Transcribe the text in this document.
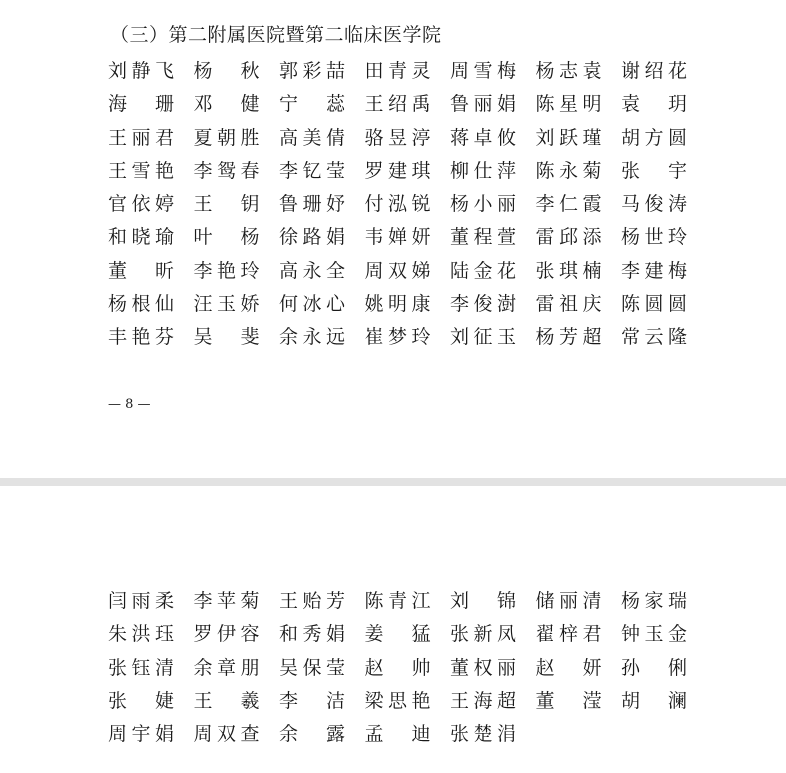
（三）第二附属医院暨第二临床医学院
刘静飞 杨　秋 郭彩喆 田青灵 周雪梅 杨志袁 谢绍花
海　珊 邓　健 宁　蕊 王绍禹 鲁丽娟 陈星明 袁　玥
王丽君 夏朝胜 高美倩 骆昱渟 蒋卓攸 刘跃瑾 胡方圆
王雪艳 李鸳春 李钇莹 罗建琪 柳仕萍 陈永菊 张　宇
官依婷 王　钥 鲁珊妤 付泓锐 杨小丽 李仁霞 马俊涛
和晓瑜 叶　杨 徐路娟 韦婵妍 董程萱 雷邱添 杨世玲
董　昕 李艳玲 高永全 周双娣 陆金花 张琪楠 李建梅
杨根仙 汪玉娇 何冰心 姚明康 李俊澍 雷祖庆 陈圆圆
丰艳芬 吴　斐 余永远 崔梦玲 刘征玉 杨芳超 常云隆
— 8 —
闫雨柔 李苹菊 王贻芳 陈青江 刘　锦 储丽清 杨家瑞
朱洪珏 罗伊容 和秀娟 姜　猛 张新凤 翟梓君 钟玉金
张钰清 余章朋 吴保莹 赵　帅 董权丽 赵　妍 孙　俐
张　婕 王　羲 李　洁 梁思艳 王海超 董　滢 胡　澜
周宇娟 周双查 余　露 孟　迪 张楚涓
